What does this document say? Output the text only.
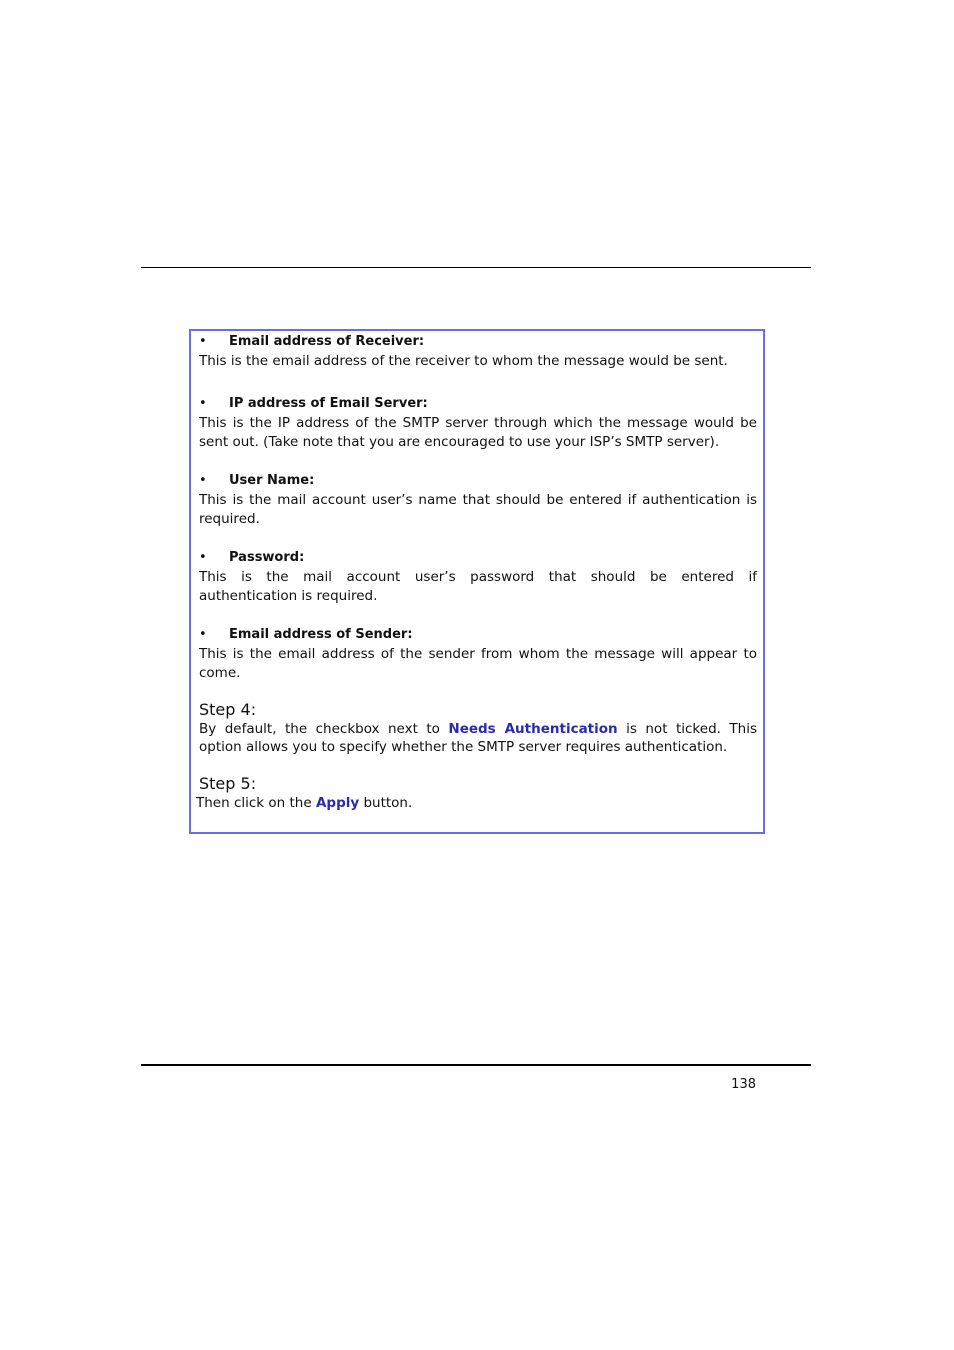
• Email address of Receiver:
This is the email address of the receiver to whom the message would be sent.
• IP address of Email Server:
This is the IP address of the SMTP server through which the message would be sent out. (Take note that you are encouraged to use your ISP’s SMTP server).
• User Name:
This is the mail account user’s name that should be entered if authentication is required.
• Password:
This is the mail account user’s password that should be entered if
authentication is required.
• Email address of Sender:
This is the email address of the sender from whom the message will appear to come.
Step 4:
By default, the checkbox next to Needs Authentication is not ticked. This option allows you to specify whether the SMTP server requires authentication.
Step 5:
Then click on the Apply button.
138
